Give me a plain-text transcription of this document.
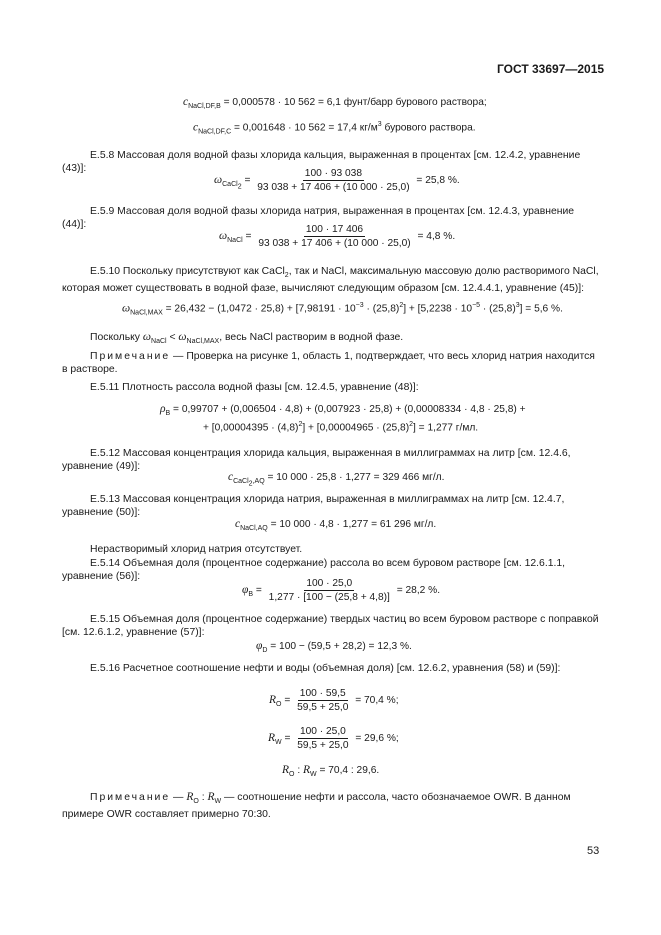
ГОСТ 33697—2015
$c_{NaCl,DF,B} = 0,000578 \cdot 10$ 562 = 6,1 фунт/барр бурового раствора;
$c_{NaCl,DF,C} = 0,001648 \cdot 10$ 562 = 17,4 $кг/м^3$ бурового раствора.
E.5.8 Массовая доля водной фазы хлорида кальция, выраженная в процентах [см. 12.4.2, уравнение (43)]:
$\omega_{CaCl_2} = \frac{100 \cdot 93 038}{93 038 + 17 406 + (10 000 \cdot 25,0)} = 25,8$ %.
E.5.9 Массовая доля водной фазы хлорида натрия, выраженная в процентах [см. 12.4.3, уравнение (44)]:
$\omega_{NaCl} = \frac{100 \cdot 17 406}{93 038 + 17 406 + (10 000 \cdot 25,0)} = 4,8$ %.
E.5.10 Поскольку присутствуют как CaCl$_2$, так и NaCl, максимальную массовую долю растворимого NaCl, которая может существовать в водной фазе, вычисляют следующим образом [см. 12.4.4.1, уравнение (45)]:
$\omega_{NaCl,MAX} = 26,432 - (1,0472 \cdot 25,8) + [7,98191 \cdot 10^{-3} \cdot (25,8)^2] + [5,2238 \cdot 10^{-5} \cdot (25,8)^3] = 5,6$ %.
Поскольку $\omega_{NaCl} < \omega_{NaCl,MAX}$, весь NaCl растворим в водной фазе.
Примечание — Проверка на рисунке 1, область 1, подтверждает, что весь хлорид натрия находится в растворе.
E.5.11 Плотность рассола водной фазы [см. 12.4.5, уравнение (48)]:
$\rho_B = 0,99707 + (0,006504 \cdot 4,8) + (0,007923 \cdot 25,8) + (0,00008334 \cdot 4,8 \cdot 25,8)$ +
+ $[0,00004395 \cdot (4,8)^2] + [0,00004965 \cdot (25,8)^2] = 1,277$ г/мл.
E.5.12 Массовая концентрация хлорида кальция, выраженная в миллиграммах на литр [см. 12.4.6, уравнение (49)]:
$c_{CaCl_2,AQ} = 10$ 000 · 25,8 · 1,277 = 329 466 мг/л.
E.5.13 Массовая концентрация хлорида натрия, выраженная в миллиграммах на литр [см. 12.4.7, уравнение (50)]:
$c_{NaCl,AQ} = 10$ 000 · 4,8 · 1,277 = 61 296 мг/л.
Нерастворимый хлорид натрия отсутствует.
E.5.14 Объемная доля (процентное содержание) рассола во всем буровом растворе [см. 12.6.1.1, уравнение (56)]:
$\varphi_B = \frac{100 \cdot 25,0}{1,277 \cdot [100 - (25,8 + 4,8)]} = 28,2$ %.
E.5.15 Объемная доля (процентное содержание) твердых частиц во всем буровом растворе с поправкой [см. 12.6.1.2, уравнение (57)]:
$\varphi_D = 100 - (59,5 + 28,2) = 12,3$ %.
E.5.16 Расчетное соотношение нефти и воды (объемная доля) [см. 12.6.2, уравнения (58) и (59)]:
$R_O = \frac{100 \cdot 59,5}{59,5 + 25,0} = 70,4$ %;
$R_W = \frac{100 \cdot 25,0}{59,5 + 25,0} = 29,6$ %;
$R_O$ : $R_W = 70,4$ : 29,6.
Примечание — $R_O$ : $R_W$ — соотношение нефти и рассола, часто обозначаемое OWR. В данном примере OWR составляет примерно 70:30.
53
